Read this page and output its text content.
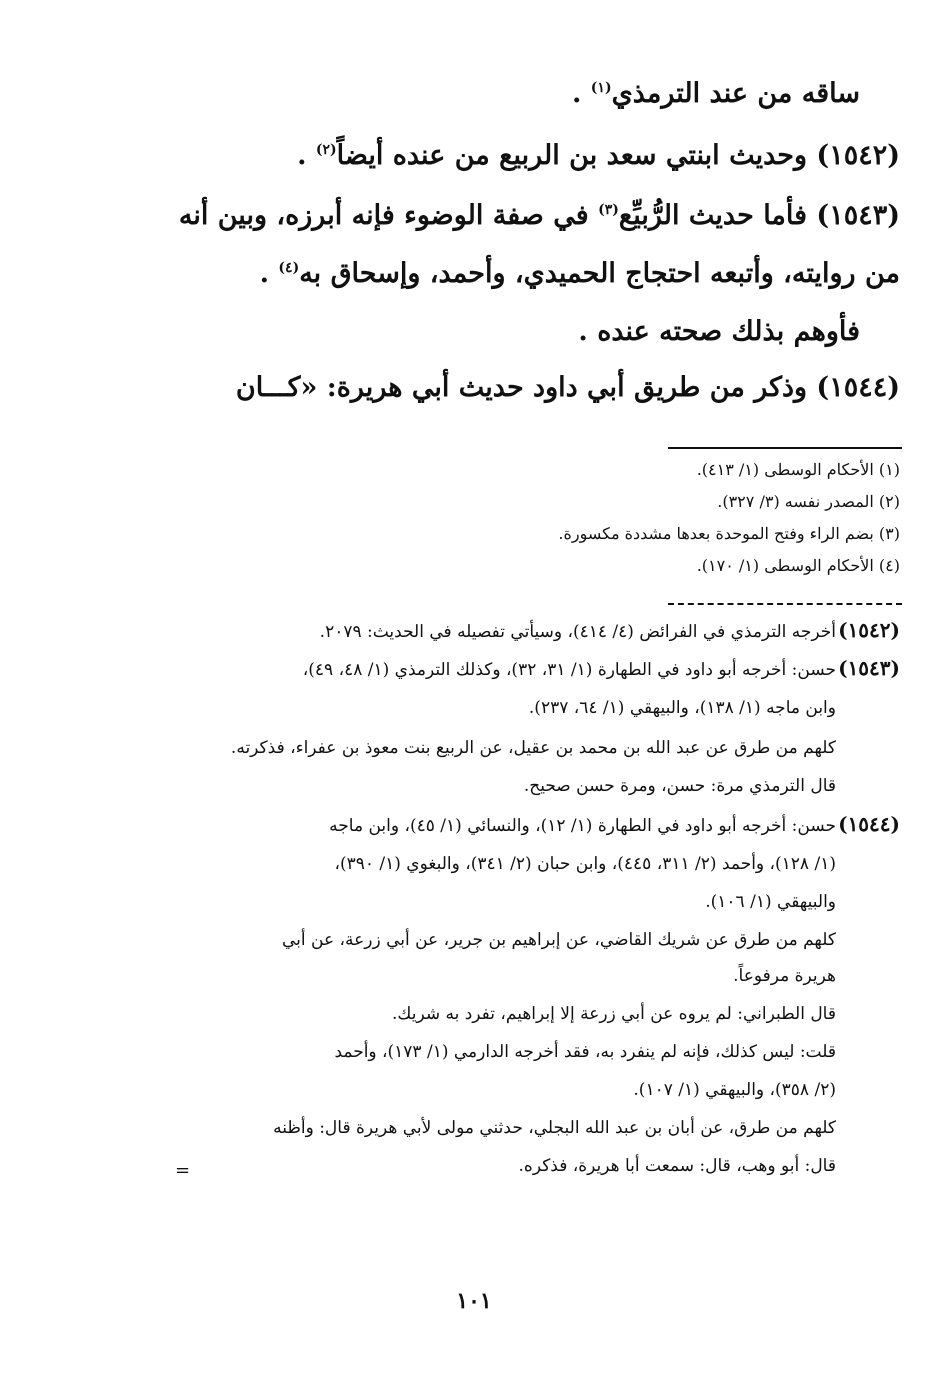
ساقه من عند الترمذي$^{(١)}$ .
(١٥٤٢) وحديث ابنتي سعد بن الربيع من عنده أيضاً$^{(٢)}$ .
(١٥٤٣) فأما حديث الرُّبيِّع$^{(٣)}$ في صفة الوضوء فإنه أبرزه، وبين أنه
من روايته، وأتبعه احتجاج الحميدي، وأحمد، وإسحاق به$^{(٤)}$ .
فأوهم بذلك صحته عنده .
(١٥٤٤) وذكر من طريق أبي داود حديث أبي هريرة: «كـــان
(١) الأحكام الوسطى (١/ ٤١٣).
(٢) المصدر نفسه (٣/ ٣٢٧).
(٣) بضم الراء وفتح الموحدة بعدها مشددة مكسورة.
(٤) الأحكام الوسطى (١/ ١٧٠).
(١٥٤٢)
أخرجه الترمذي في الفرائض (٤/ ٤١٤)، وسيأتي تفصيله في الحديث: ٢٠٧٩.
(١٥٤٣)
حسن: أخرجه أبو داود في الطهارة (١/ ٣١، ٣٢)، وكذلك الترمذي (١/ ٤٨، ٤٩)،
وابن ماجه (١/ ١٣٨)، والبيهقي (١/ ٦٤، ٢٣٧).
كلهم من طرق عن عبد الله بن محمد بن عقيل، عن الربيع بنت معوذ بن عفراء، فذكرته.
قال الترمذي مرة: حسن، ومرة حسن صحيح.
(١٥٤٤)
حسن: أخرجه أبو داود في الطهارة (١/ ١٢)، والنسائي (١/ ٤٥)، وابن ماجه
(١/ ١٢٨)، وأحمد (٢/ ٣١١، ٤٤٥)، وابن حبان (٢/ ٣٤١)، والبغوي (١/ ٣٩٠)،
والبيهقي (١/ ١٠٦).
كلهم من طرق عن شريك القاضي، عن إبراهيم بن جرير، عن أبي زرعة، عن أبي
هريرة مرفوعاً.
قال الطبراني: لم يروه عن أبي زرعة إلا إبراهيم، تفرد به شريك.
قلت: ليس كذلك، فإنه لم ينفرد به، فقد أخرجه الدارمي (١/ ١٧٣)، وأحمد
(٢/ ٣٥٨)، والبيهقي (١/ ١٠٧).
كلهم من طرق، عن أبان بن عبد الله البجلي، حدثني مولى لأبي هريرة قال: وأظنه
قال: أبو وهب، قال: سمعت أبا هريرة، فذكره.
=
١٠١
